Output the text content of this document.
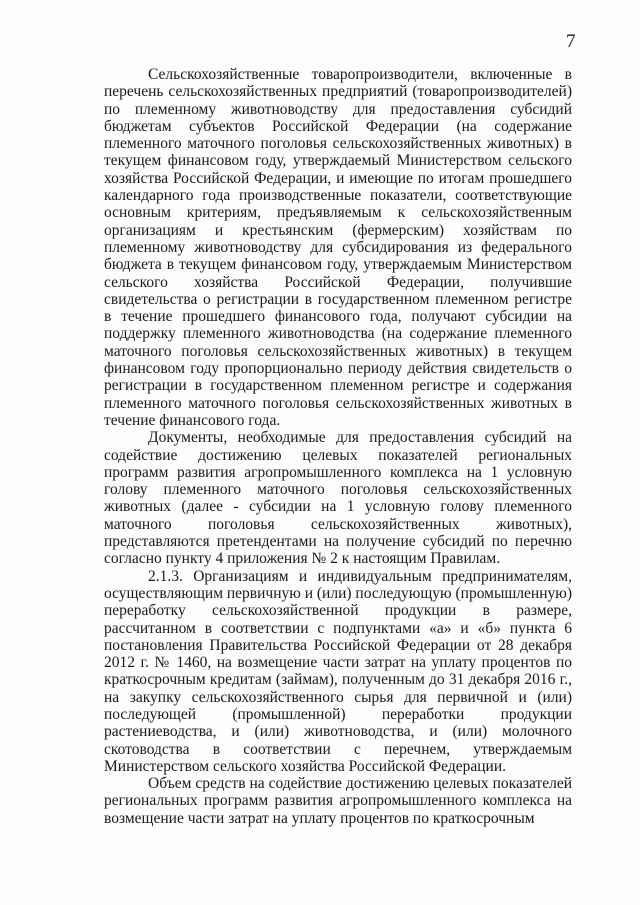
7

Сельскохозяйственные товаропроизводители, включенные в перечень сельскохозяйственных предприятий (товаропроизводителей) по племенному животноводству для предоставления субсидий бюджетам субъектов Российской Федерации (на содержание племенного маточного поголовья сельскохозяйственных животных) в текущем финансовом году, утверждаемый Министерством сельского хозяйства Российской Федерации, и имеющие по итогам прошедшего календарного года производственные показатели, соответствующие основным критериям, предъявляемым к сельскохозяйственным организациям и крестьянским (фермерским) хозяйствам по племенному животноводству для субсидирования из федерального бюджета в текущем финансовом году, утверждаемым Министерством сельского хозяйства Российской Федерации, получившие свидетельства о регистрации в государственном племенном регистре в течение прошедшего финансового года, получают субсидии на поддержку племенного животноводства (на содержание племенного маточного поголовья сельскохозяйственных животных) в текущем финансовом году пропорционально периоду действия свидетельств о регистрации в государственном племенном регистре и содержания племенного маточного поголовья сельскохозяйственных животных в течение финансового года.

Документы, необходимые для предоставления субсидий на содействие достижению целевых показателей региональных программ развития агропромышленного комплекса на 1 условную голову племенного маточного поголовья сельскохозяйственных животных (далее - субсидии на 1 условную голову племенного маточного поголовья сельскохозяйственных животных), представляются претендентами на получение субсидий по перечню согласно пункту 4 приложения № 2 к настоящим Правилам.

2.1.3. Организациям и индивидуальным предпринимателям, осуществляющим первичную и (или) последующую (промышленную) переработку сельскохозяйственной продукции в размере, рассчитанном в соответствии с подпунктами «а» и «б» пункта 6 постановления Правительства Российской Федерации от 28 декабря 2012 г. № 1460, на возмещение части затрат на уплату процентов по краткосрочным кредитам (займам), полученным до 31 декабря 2016 г., на закупку сельскохозяйственного сырья для первичной и (или) последующей (промышленной) переработки продукции растениеводства, и (или) животноводства, и (или) молочного скотоводства в соответствии с перечнем, утверждаемым Министерством сельского хозяйства Российской Федерации.

Объем средств на содействие достижению целевых показателей региональных программ развития агропромышленного комплекса на возмещение части затрат на уплату процентов по краткосрочным
